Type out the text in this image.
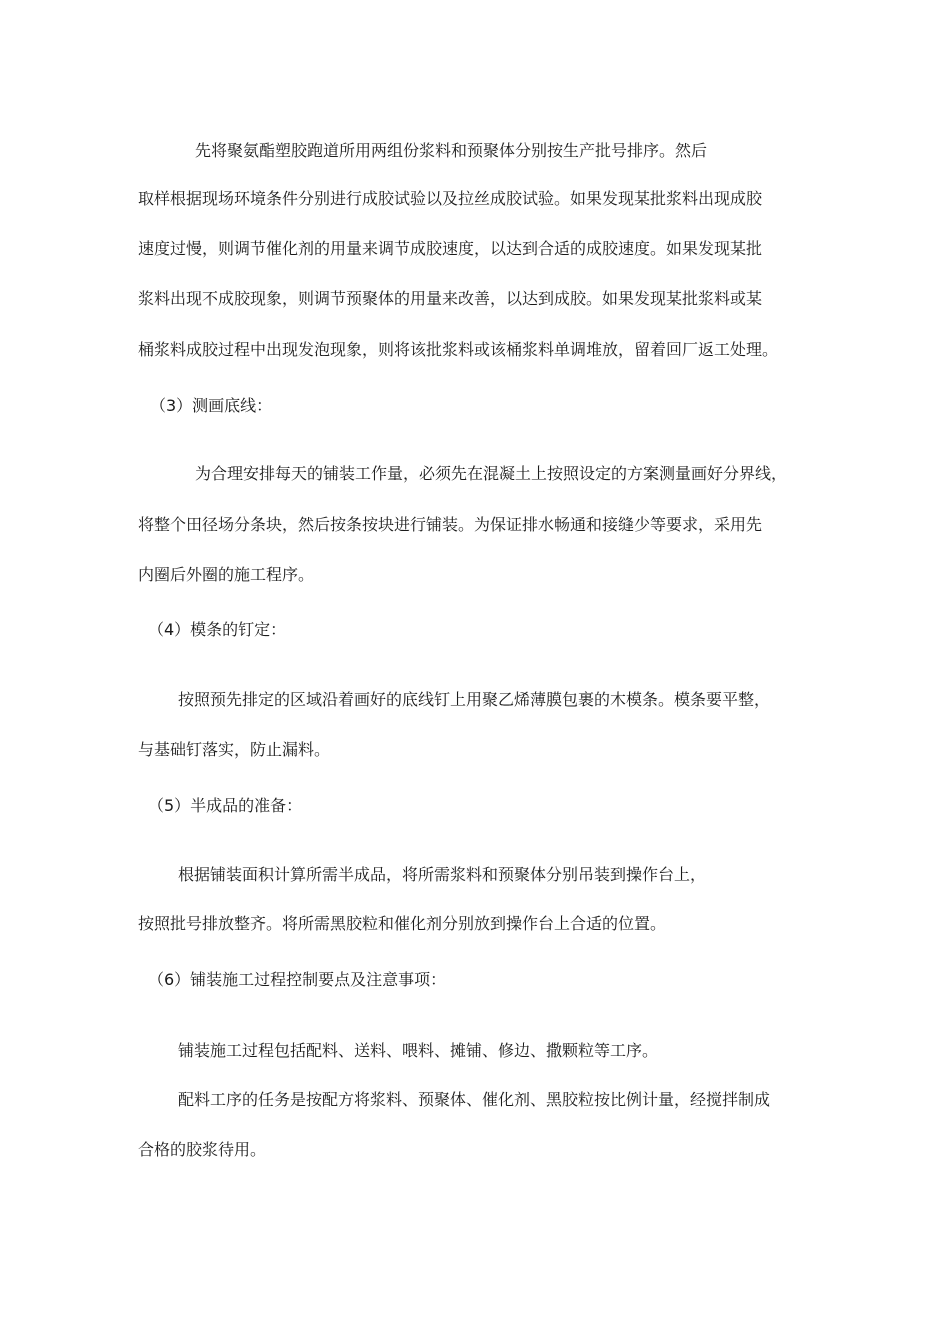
先将聚氨酯塑胶跑道所用两组份浆料和预聚体分别按生产批号排序。然后
取样根据现场环境条件分别进行成胶试验以及拉丝成胶试验。如果发现某批浆料出现成胶
速度过慢，则调节催化剂的用量来调节成胶速度，以达到合适的成胶速度。如果发现某批
浆料出现不成胶现象，则调节预聚体的用量来改善，以达到成胶。如果发现某批浆料或某
桶浆料成胶过程中出现发泡现象，则将该批浆料或该桶浆料单调堆放，留着回厂返工处理。
（3）测画底线：
为合理安排每天的铺装工作量，必须先在混凝土上按照设定的方案测量画好分界线，
将整个田径场分条块，然后按条按块进行铺装。为保证排水畅通和接缝少等要求，采用先
内圈后外圈的施工程序。
（4）模条的钉定：
按照预先排定的区域沿着画好的底线钉上用聚乙烯薄膜包裹的木模条。模条要平整，
与基础钉落实，防止漏料。
（5）半成品的准备：
根据铺装面积计算所需半成品，将所需浆料和预聚体分别吊装到操作台上，
按照批号排放整齐。将所需黑胶粒和催化剂分别放到操作台上合适的位置。
（6）铺装施工过程控制要点及注意事项：
铺装施工过程包括配料、送料、喂料、摊铺、修边、撒颗粒等工序。
配料工序的任务是按配方将浆料、预聚体、催化剂、黑胶粒按比例计量，经搅拌制成
合格的胶浆待用。
